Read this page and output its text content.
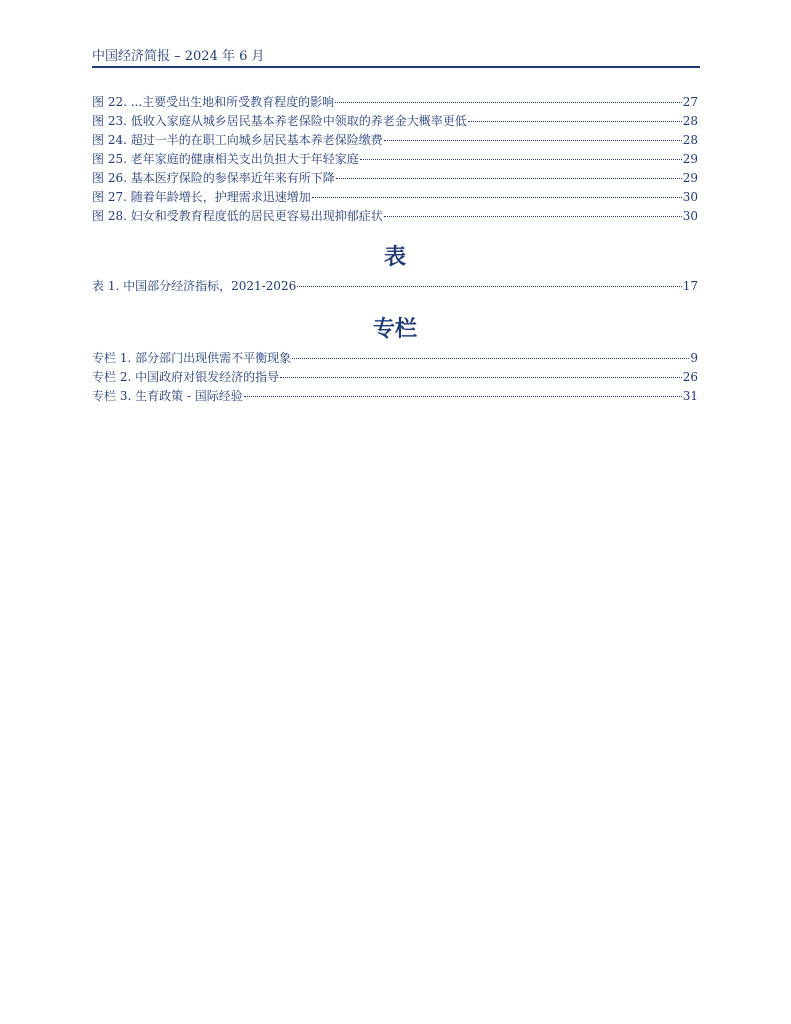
中国经济简报 – 2024 年 6 月
图 22. ...主要受出生地和所受教育程度的影响	27
图 23. 低收入家庭从城乡居民基本养老保险中领取的养老金大概率更低	28
图 24. 超过一半的在职工向城乡居民基本养老保险缴费	28
图 25. 老年家庭的健康相关支出负担大于年轻家庭	29
图 26. 基本医疗保险的参保率近年来有所下降	29
图 27. 随着年龄增长，护理需求迅速增加	30
图 28. 妇女和受教育程度低的居民更容易出现抑郁症状	30
表
表 1. 中国部分经济指标，2021-2026	17
专栏
专栏 1. 部分部门出现供需不平衡现象	9
专栏 2. 中国政府对银发经济的指导	26
专栏 3. 生育政策 - 国际经验	31
